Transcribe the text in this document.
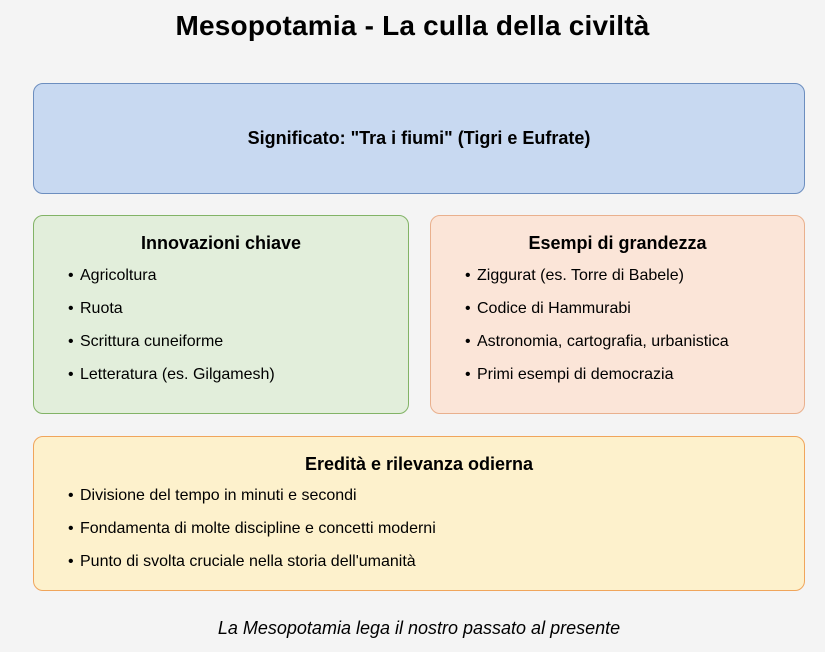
Mesopotamia - La culla della civiltà
Significato: "Tra i fiumi" (Tigri e Eufrate)
Innovazioni chiave
• Agricoltura
• Ruota
• Scrittura cuneiforme
• Letteratura (es. Gilgamesh)
Esempi di grandezza
• Ziggurat (es. Torre di Babele)
• Codice di Hammurabi
• Astronomia, cartografia, urbanistica
• Primi esempi di democrazia
Eredità e rilevanza odierna
• Divisione del tempo in minuti e secondi
• Fondamenta di molte discipline e concetti moderni
• Punto di svolta cruciale nella storia dell'umanità
La Mesopotamia lega il nostro passato al presente
